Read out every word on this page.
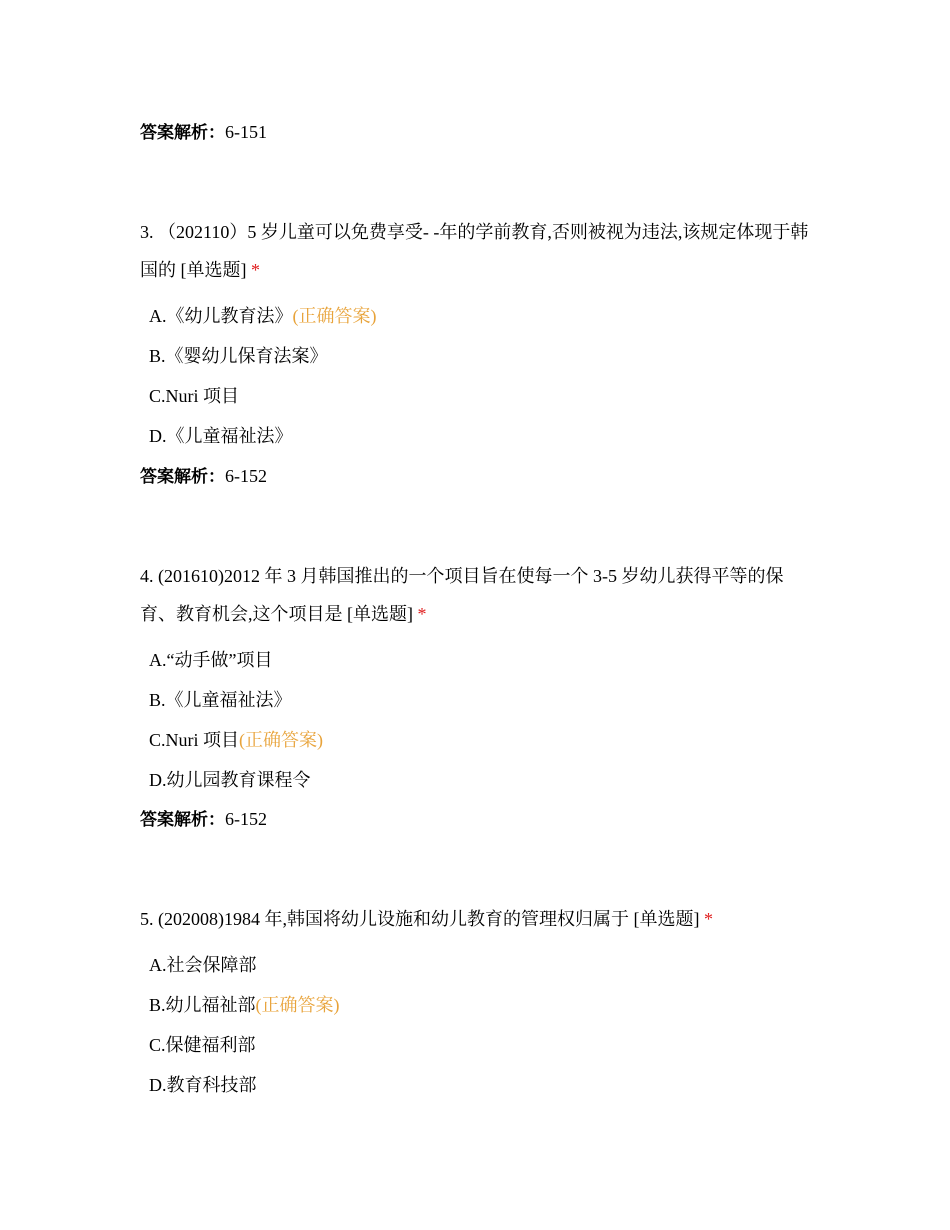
答案解析：6-151
3. （202110）5 岁儿童可以免费享受- -年的学前教育,否则被视为违法,该规定体现于韩国的 [单选题] *
A.《幼儿教育法》(正确答案)
B.《婴幼儿保育法案》
C.Nuri 项目
D.《儿童福祉法》
答案解析：6-152
4. (201610)2012 年 3 月韩国推出的一个项目旨在使每一个 3-5 岁幼儿获得平等的保育、教育机会,这个项目是 [单选题] *
A.“动手做”项目
B.《儿童福祉法》
C.Nuri 项目(正确答案)
D.幼儿园教育课程令
答案解析：6-152
5. (202008)1984 年,韩国将幼儿设施和幼儿教育的管理权归属于 [单选题] *
A.社会保障部
B.幼儿福祉部(正确答案)
C.保健福利部
D.教育科技部
